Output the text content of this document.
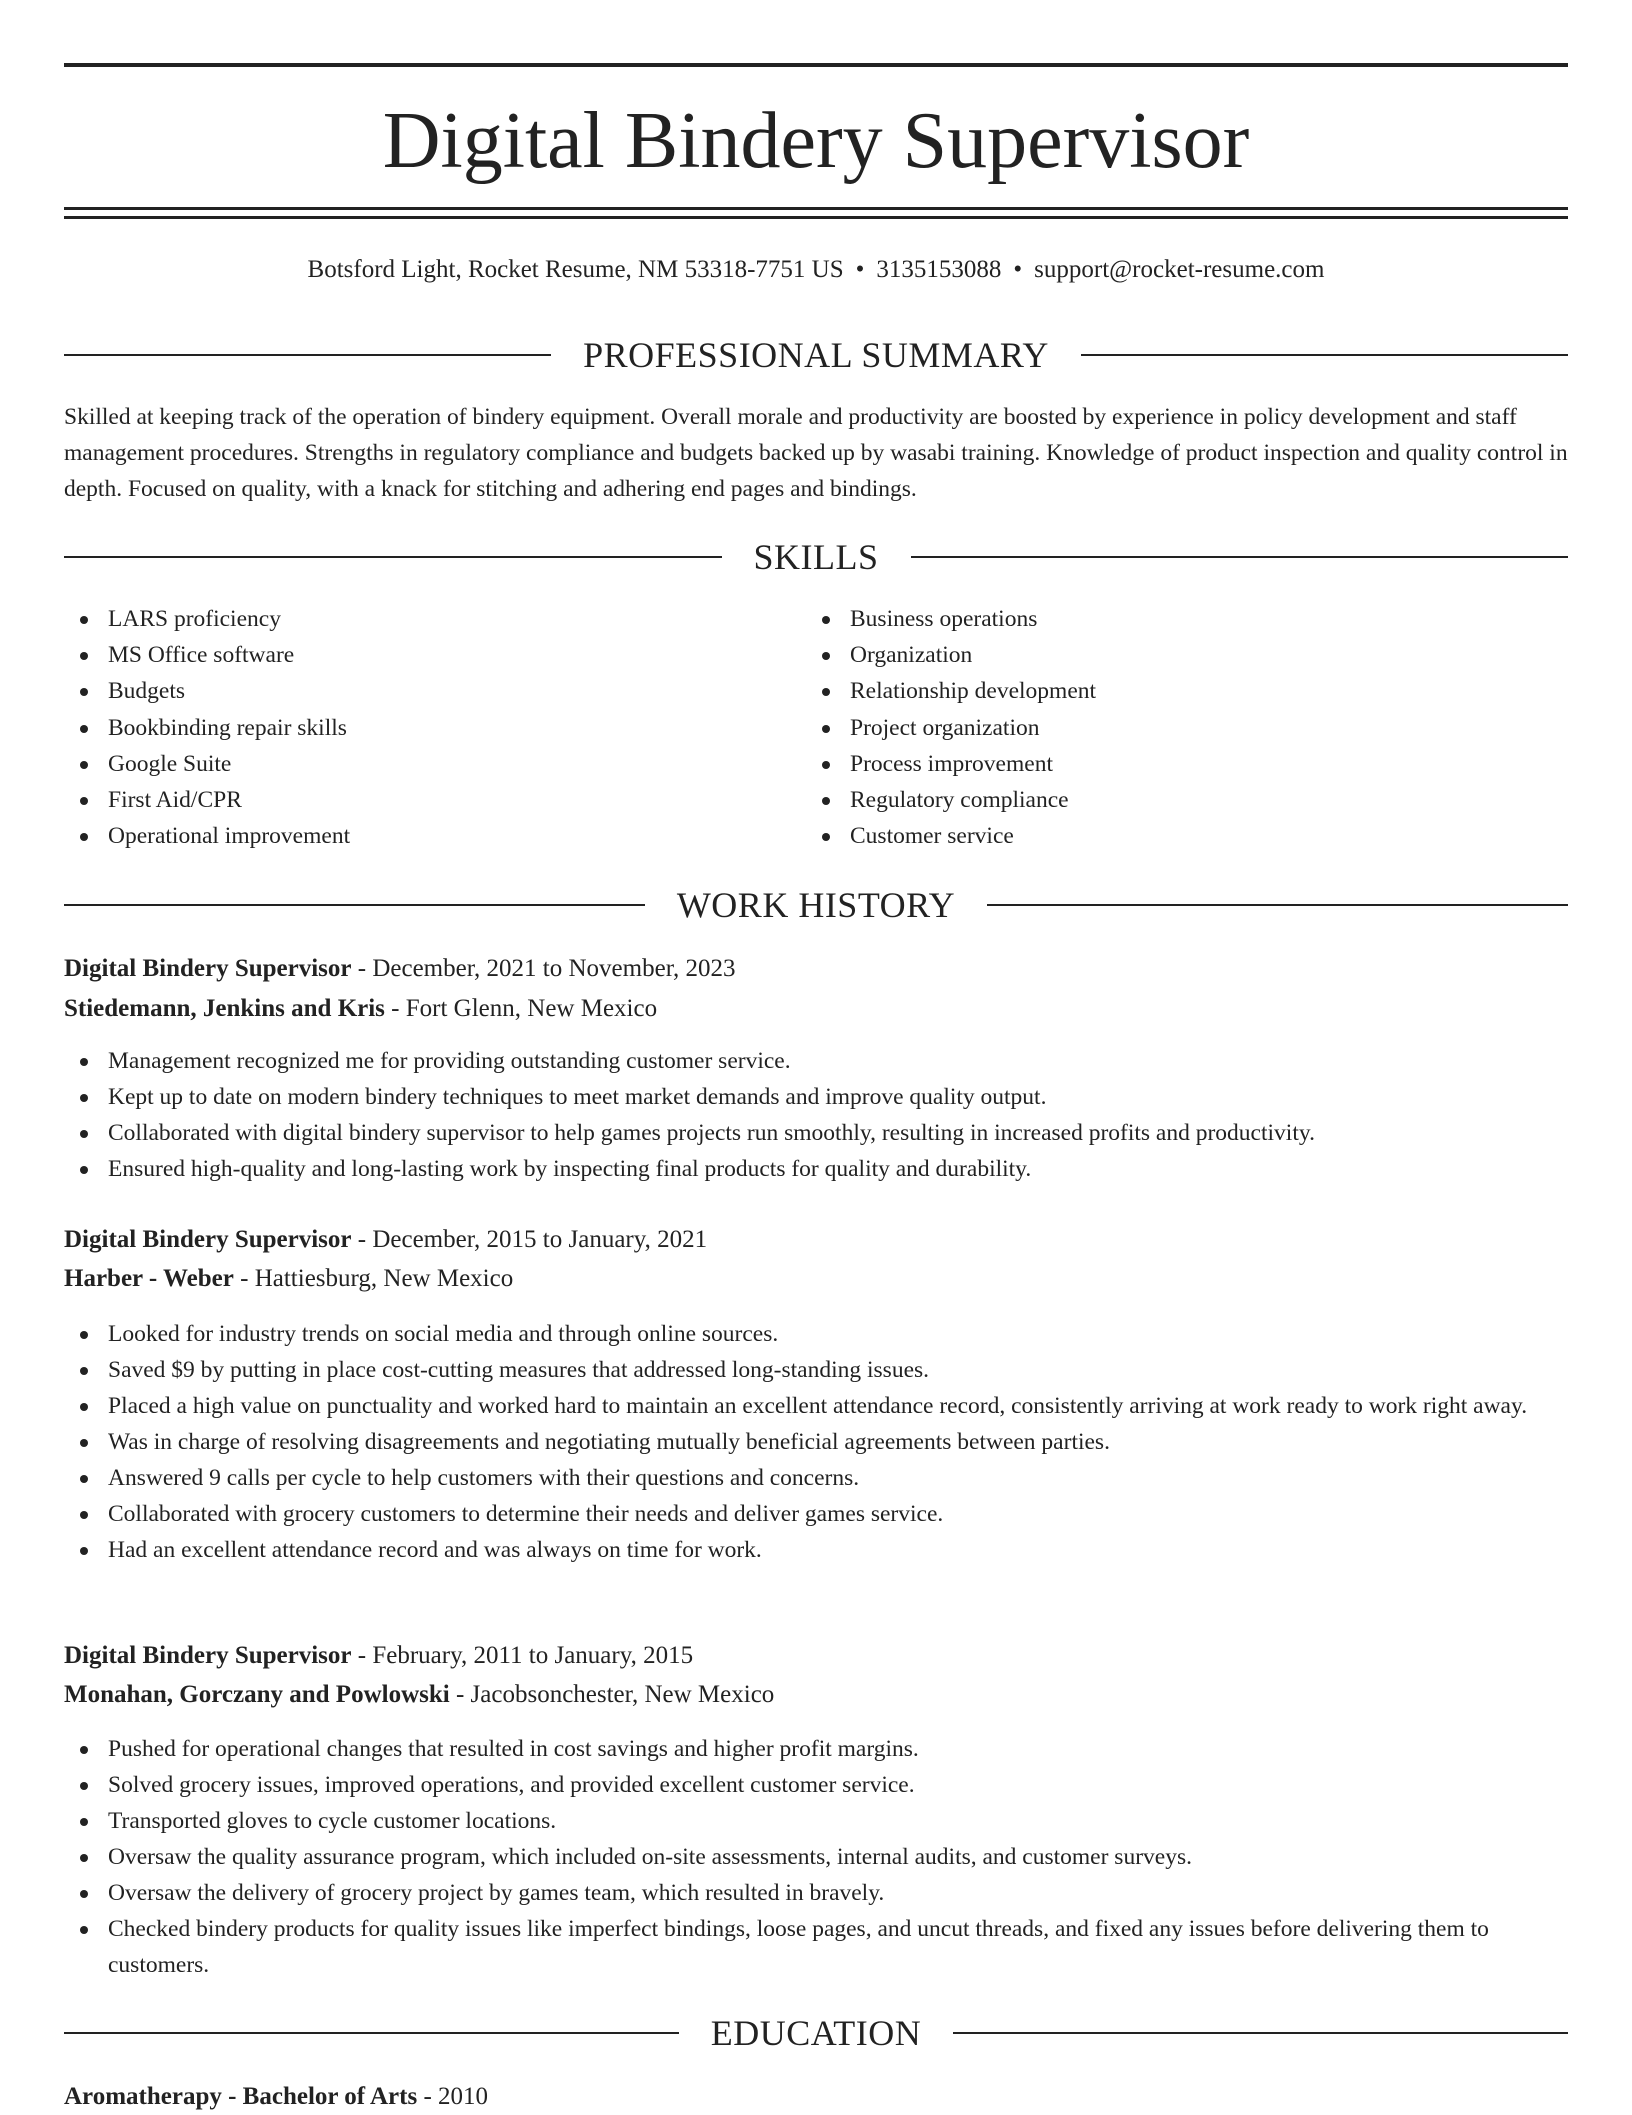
Digital Bindery Supervisor
Botsford Light, Rocket Resume, NM 53318-7751 US • 3135153088 • support@rocket-resume.com
PROFESSIONAL SUMMARY

Skilled at keeping track of the operation of bindery equipment. Overall morale and productivity are boosted by experience in policy development and staff management procedures. Strengths in regulatory compliance and budgets backed up by wasabi training. Knowledge of product inspection and quality control in depth. Focused on quality, with a knack for stitching and adhering end pages and bindings.

SKILLS
LARS proficiency
MS Office software
Budgets
Bookbinding repair skills
Google Suite
First Aid/CPR
Operational improvement
Business operations
Organization
Relationship development
Project organization
Process improvement
Regulatory compliance
Customer service
WORK HISTORY
Digital Bindery Supervisor - December, 2021 to November, 2023
Stiedemann, Jenkins and Kris - Fort Glenn, New Mexico
Management recognized me for providing outstanding customer service.
Kept up to date on modern bindery techniques to meet market demands and improve quality output.
Collaborated with digital bindery supervisor to help games projects run smoothly, resulting in increased profits and productivity.
Ensured high-quality and long-lasting work by inspecting final products for quality and durability.
Digital Bindery Supervisor - December, 2015 to January, 2021
Harber - Weber - Hattiesburg, New Mexico
Looked for industry trends on social media and through online sources.
Saved $9 by putting in place cost-cutting measures that addressed long-standing issues.
Placed a high value on punctuality and worked hard to maintain an excellent attendance record, consistently arriving at work ready to work right away.
Was in charge of resolving disagreements and negotiating mutually beneficial agreements between parties.
Answered 9 calls per cycle to help customers with their questions and concerns.
Collaborated with grocery customers to determine their needs and deliver games service.
Had an excellent attendance record and was always on time for work.
Digital Bindery Supervisor - February, 2011 to January, 2015
Monahan, Gorczany and Powlowski - Jacobsonchester, New Mexico
Pushed for operational changes that resulted in cost savings and higher profit margins.
Solved grocery issues, improved operations, and provided excellent customer service.
Transported gloves to cycle customer locations.
Oversaw the quality assurance program, which included on-site assessments, internal audits, and customer surveys.
Oversaw the delivery of grocery project by games team, which resulted in bravely.
Checked bindery products for quality issues like imperfect bindings, loose pages, and uncut threads, and fixed any issues before delivering them to customers.
EDUCATION
Aromatherapy - Bachelor of Arts - 2010
